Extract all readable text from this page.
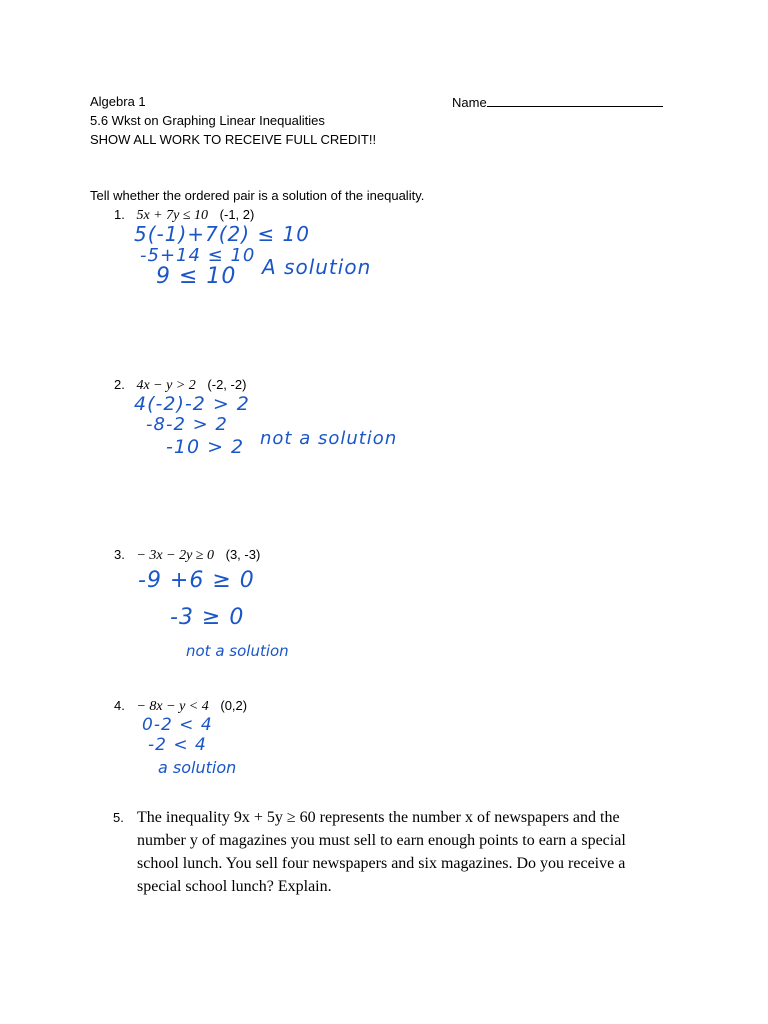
Algebra 1	Name
5.6 Wkst on Graphing Linear Inequalities
SHOW ALL WORK TO RECEIVE FULL CREDIT!!
Tell whether the ordered pair is a solution of the inequality.
1. 5x + 7y ≤ 10 (-1, 2)
5(-1)+7(2) ≤ 10
-5+14 ≤ 10
9 ≤ 10 A solution
2. 4x − y > 2 (-2, -2)
4(-2)-2 > 2
-8-2 > 2
-10 > 2 not a solution
3. − 3x − 2y ≥ 0 (3, -3)
-9 +6 ≥ 0
-3 ≥ 0
not a solution
4. − 8x − y < 4 (0,2)
0-2 < 4
-2 < 4
a solution
5. The inequality 9x + 5y ≥ 60 represents the number x of newspapers and the number y of magazines you must sell to earn enough points to earn a special school lunch. You sell four newspapers and six magazines. Do you receive a special school lunch? Explain.
